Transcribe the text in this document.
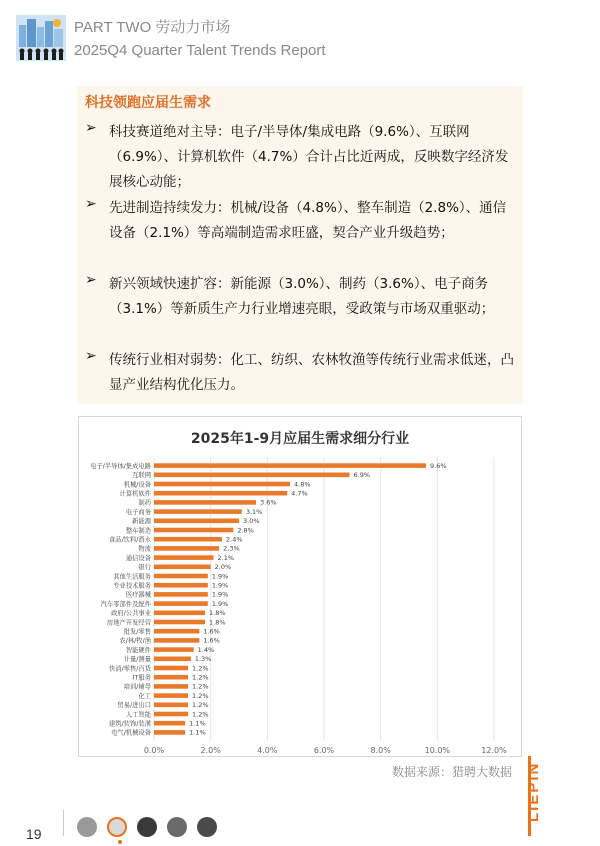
PART TWO 劳动力市场
2025Q4 Quarter Talent Trends Report
科技领跑应届生需求
➢ 科技赛道绝对主导：电子/半导体/集成电路（9.6%）、互联网（6.9%）、计算机软件（4.7%）合计占比近两成，反映数字经济发展核心动能；
➢ 先进制造持续发力：机械/设备（4.8%）、整车制造（2.8%）、通信设备（2.1%）等高端制造需求旺盛，契合产业升级趋势；
➢ 新兴领域快速扩容：新能源（3.0%）、制药（3.6%）、电子商务（3.1%）等新质生产力行业增速亮眼，受政策与市场双重驱动；
➢ 传统行业相对弱势：化工、纺织、农林牧渔等传统行业需求低迷，凸显产业结构优化压力。
2025年1-9月应届生需求细分行业
0.0%	2.0%	4.0%	6.0%	8.0%	10.0%	12.0%
电子/半导体/集成电路	9.6%
互联网	6.9%
机械/设备	4.8%
计算机软件	4.7%
制药	3.6%
电子商务	3.1%
新能源	3.0%
整车制造	2.8%
食品/饮料/酒水	2.4%
物流	2.3%
通信设备	2.1%
银行	2.0%
其他生活服务	1.9%
专业技术服务	1.9%
医疗器械	1.9%
汽车零部件及配件	1.9%
政府/公共事业	1.8%
房地产开发经营	1.8%
批发/零售	1.6%
农/林/牧/渔	1.6%
智能硬件	1.4%
计量/测量	1.3%
快消/零售/百货	1.2%
IT服务	1.2%
培训/辅导	1.2%
化工	1.2%
贸易/进出口	1.2%
人工智能	1.2%
建筑/装饰/装潢	1.1%
电气/机械设备	1.1%
数据来源：猎聘大数据 LIEPIN
19
